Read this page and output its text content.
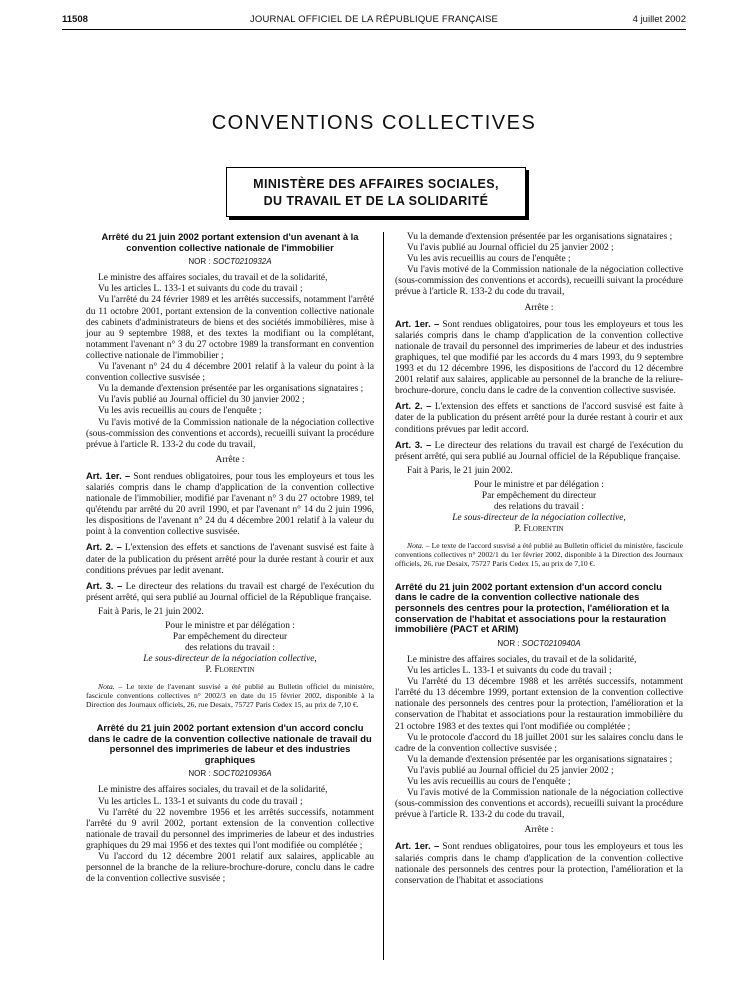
11508	JOURNAL OFFICIEL DE LA RÉPUBLIQUE FRANÇAISE	4 juillet 2002
CONVENTIONS COLLECTIVES
MINISTÈRE DES AFFAIRES SOCIALES,
DU TRAVAIL ET DE LA SOLIDARITÉ
Arrêté du 21 juin 2002 portant extension d'un avenant à la convention collective nationale de l'immobilier
NOR : SOCT0210932A

Le ministre des affaires sociales, du travail et de la solidarité,

Vu les articles L. 133-1 et suivants du code du travail ;

Vu l'arrêté du 24 février 1989 et les arrêtés successifs, notamment l'arrêté du 11 octobre 2001, portant extension de la convention collective nationale des cabinets d'administrateurs de biens et des sociétés immobilières, mise à jour au 9 septembre 1988, et des textes la modifiant ou la complétant, notamment l'avenant n° 3 du 27 octobre 1989 la transformant en convention collective nationale de l'immobilier ;

Vu l'avenant n° 24 du 4 décembre 2001 relatif à la valeur du point à la convention collective susvisée ;

Vu la demande d'extension présentée par les organisations signataires ;

Vu l'avis publié au Journal officiel du 30 janvier 2002 ;

Vu les avis recueillis au cours de l'enquête ;

Vu l'avis motivé de la Commission nationale de la négociation collective (sous-commission des conventions et accords), recueilli suivant la procédure prévue à l'article R. 133-2 du code du travail,

Arrête :

Art. 1er. – Sont rendues obligatoires, pour tous les employeurs et tous les salariés compris dans le champ d'application de la convention collective nationale de l'immobilier, modifié par l'avenant n° 3 du 27 octobre 1989, tel qu'étendu par arrêté du 20 avril 1990, et par l'avenant n° 14 du 2 juin 1996, les dispositions de l'avenant n° 24 du 4 décembre 2001 relatif à la valeur du point à la convention collective susvisée.

Art. 2. – L'extension des effets et sanctions de l'avenant susvisé est faite à dater de la publication du présent arrêté pour la durée restant à courir et aux conditions prévues par ledit avenant.

Art. 3. – Le directeur des relations du travail est chargé de l'exécution du présent arrêté, qui sera publié au Journal officiel de la République française.

Fait à Paris, le 21 juin 2002.

Pour le ministre et par délégation :
Par empêchement du directeur
des relations du travail :
Le sous-directeur de la négociation collective,
P. Florentin

Nota. – Le texte de l'avenant susvisé a été publié au Bulletin officiel du ministère, fascicule conventions collectives n° 2002/3 en date du 15 février 2002, disponible à la Direction des Journaux officiels, 26, rue Desaix, 75727 Paris Cedex 15, au prix de 7,10 €.

Arrêté du 21 juin 2002 portant extension d'un accord conclu dans le cadre de la convention collective nationale de travail du personnel des imprimeries de labeur et des industries graphiques
NOR : SOCT0210936A

Le ministre des affaires sociales, du travail et de la solidarité,

Vu les articles L. 133-1 et suivants du code du travail ;

Vu l'arrêté du 22 novembre 1956 et les arrêtés successifs, notamment l'arrêté du 9 avril 2002, portant extension de la convention collective nationale de travail du personnel des imprimeries de labeur et des industries graphiques du 29 mai 1956 et des textes qui l'ont modifiée ou complétée ;

Vu l'accord du 12 décembre 2001 relatif aux salaires, applicable au personnel de la branche de la reliure-brochure-dorure, conclu dans le cadre de la convention collective susvisée ;

Vu la demande d'extension présentée par les organisations signataires ;

Vu l'avis publié au Journal officiel du 25 janvier 2002 ;

Vu les avis recueillis au cours de l'enquête ;

Vu l'avis motivé de la Commission nationale de la négociation collective (sous-commission des conventions et accords), recueilli suivant la procédure prévue à l'article R. 133-2 du code du travail,

Arrête :

Art. 1er. – Sont rendues obligatoires, pour tous les employeurs et tous les salariés compris dans le champ d'application de la convention collective nationale de travail du personnel des imprimeries de labeur et des industries graphiques, tel que modifié par les accords du 4 mars 1993, du 9 septembre 1993 et du 12 décembre 1996, les dispositions de l'accord du 12 décembre 2001 relatif aux salaires, applicable au personnel de la branche de la reliure-brochure-dorure, conclu dans le cadre de la convention collective susvisée.

Art. 2. – L'extension des effets et sanctions de l'accord susvisé est faite à dater de la publication du présent arrêté pour la durée restant à courir et aux conditions prévues par ledit accord.

Art. 3. – Le directeur des relations du travail est chargé de l'exécution du présent arrêté, qui sera publié au Journal officiel de la République française.

Fait à Paris, le 21 juin 2002.

Pour le ministre et par délégation :
Par empêchement du directeur
des relations du travail :
Le sous-directeur de la négociation collective,
P. Florentin

Nota. – Le texte de l'accord susvisé a été publié au Bulletin officiel du ministère, fascicule conventions collectives n° 2002/1 du 1er février 2002, disponible à la Direction des Journaux officiels, 26, rue Desaix, 75727 Paris Cedex 15, au prix de 7,10 €.

Arrêté du 21 juin 2002 portant extension d'un accord conclu dans le cadre de la convention collective nationale des personnels des centres pour la protection, l'amélioration et la conservation de l'habitat et associations pour la restauration immobilière (PACT et ARIM)
NOR : SOCT0210940A

Le ministre des affaires sociales, du travail et de la solidarité,

Vu les articles L. 133-1 et suivants du code du travail ;

Vu l'arrêté du 13 décembre 1988 et les arrêtés successifs, notamment l'arrêté du 13 décembre 1999, portant extension de la convention collective nationale des personnels des centres pour la protection, l'amélioration et la conservation de l'habitat et associations pour la restauration immobilière du 21 octobre 1983 et des textes qui l'ont modifiée ou complétée ;

Vu le protocole d'accord du 18 juillet 2001 sur les salaires conclu dans le cadre de la convention collective susvisée ;

Vu la demande d'extension présentée par les organisations signataires ;

Vu l'avis publié au Journal officiel du 25 janvier 2002 ;

Vu les avis recueillis au cours de l'enquête ;

Vu l'avis motivé de la Commission nationale de la négociation collective (sous-commission des conventions et accords), recueilli suivant la procédure prévue à l'article R. 133-2 du code du travail,

Arrête :

Art. 1er. – Sont rendues obligatoires, pour tous les employeurs et tous les salariés compris dans le champ d'application de la convention collective nationale des personnels des centres pour la protection, l'amélioration et la conservation de l'habitat et associations
